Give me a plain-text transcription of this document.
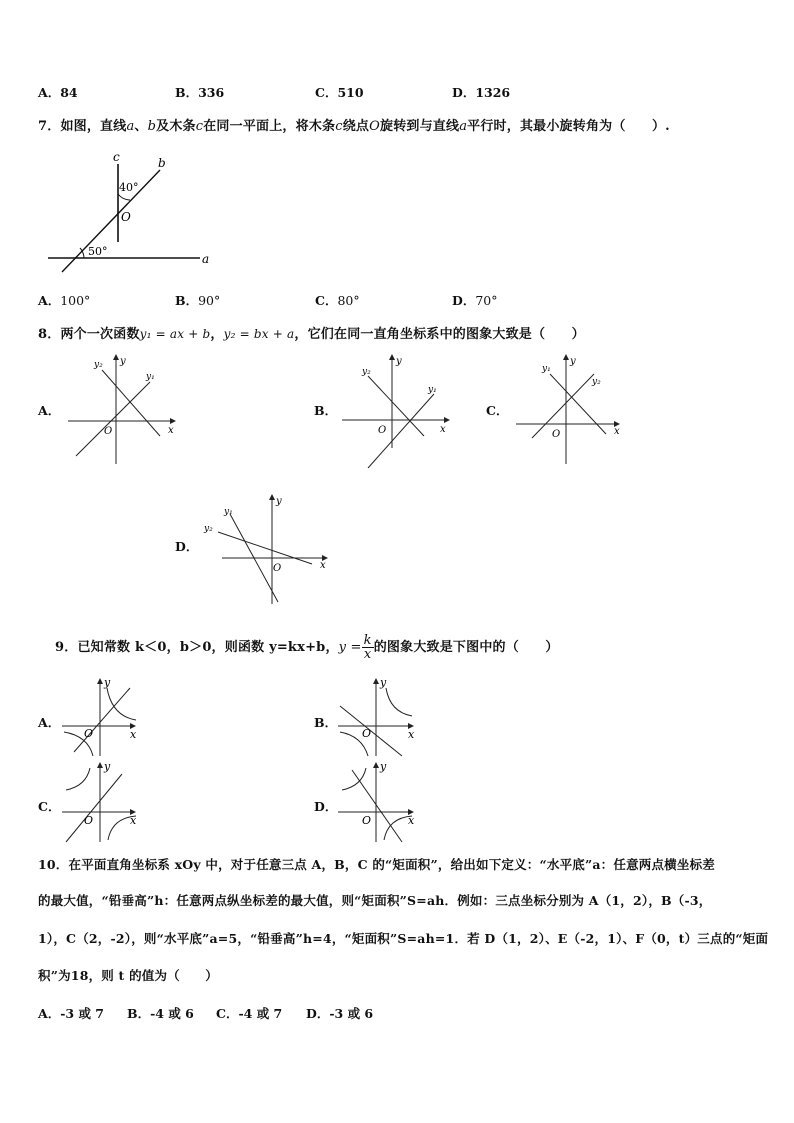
A．84	B．336	C．510	D．1326
7．如图，直线a、b及木条c在同一平面上，将木条c绕点O旋转到与直线a平行时，其最小旋转角为（　　）.
c	b
a
O
40°
50°
A．100°	B．90°	C．80°	D．70°
8．两个一次函数y₁ = ax + b，y₂ = bx + a，它们在同一直角坐标系中的图象大致是（　　）
A．
x
y
O
y₁
y₂
B．
x
y
O
y₁
y₂
C．
x
y
O
y₁
y₂
D．
x
y
O
y₁
y₂
9．已知常数 k＜0，b＞0，则函数 y=kx+b，$y = \frac{k}{x}$ 的图象大致是下图中的（　　）
A．
x
y
O
B．
x
y
O
C．
x
y
O
D．
x
y
O
10．在平面直角坐标系 xOy 中，对于任意三点 A，B，C 的“矩面积”，给出如下定义：“水平底”a：任意两点横坐标差
的最大值，“铅垂高”h：任意两点纵坐标差的最大值，则“矩面积”S=ah．例如：三点坐标分别为 A（1，2），B（-3，
1），C（2，-2），则“水平底”a=5，“铅垂高”h=4，“矩面积”S=ah=1．若 D（1，2）、E（-2，1）、F（0，t）三点的“矩面
积”为18，则 t 的值为（　　）
A．-3 或 7 B．-4 或 6 C．-4 或 7 D．-3 或 6
